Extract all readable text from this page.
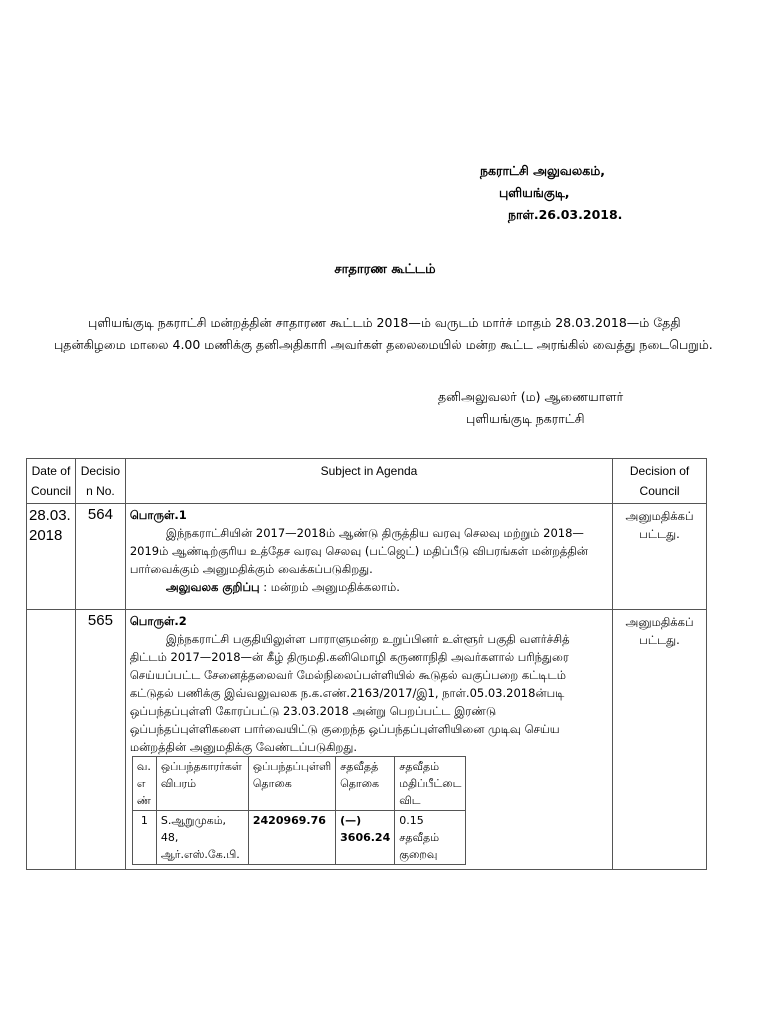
நகராட்சி அலுவலகம்,
புளியங்குடி,
நாள்.26.03.2018.
சாதாரண கூட்டம்
புளியங்குடி நகராட்சி மன்றத்தின் சாதாரண கூட்டம் 2018—ம் வருடம் மார்ச் மாதம் 28.03.2018—ம் தேதி புதன்கிழமை மாலை 4.00 மணிக்கு தனிஅதிகாரி அவர்கள் தலைமையில் மன்ற கூட்ட அரங்கில் வைத்து நடைபெறும்.
தனிஅலுவலர் (ம) ஆணையாளர்
புளியங்குடி நகராட்சி
Date of Council	Decision No.	Subject in Agenda	Decision of Council
28.03.2018	564	பொருள்.1

இந்நகராட்சியின் 2017—2018ம் ஆண்டு திருத்திய வரவு செலவு மற்றும் 2018—2019ம் ஆண்டிற்குரிய உத்தேச வரவு செலவு (பட்ஜெட்) மதிப்பீடு விபரங்கள் மன்றத்தின் பார்வைக்கும் அனுமதிக்கும் வைக்கப்படுகிறது.

அலுவலக குறிப்பு : மன்றம் அனுமதிக்கலாம்.
	அனுமதிக்கப் பட்டது.
	565	பொருள்.2

இந்நகராட்சி பகுதியிலுள்ள பாராளுமன்ற உறுப்பினர் உள்ளூர் பகுதி வளர்ச்சித் திட்டம் 2017—2018—ன் கீழ் திருமதி.கனிமொழி கருணாநிதி அவர்களால் பரிந்துரை செய்யப்பட்ட சேனைத்தலைவர் மேல்நிலைப்பள்ளியில் கூடுதல் வகுப்பறை கட்டிடம் கட்டுதல் பணிக்கு இவ்வலுவலக ந.க.எண்.2163/2017/இ1, நாள்.05.03.2018ன்படி ஒப்பந்தப்புள்ளி கோரப்பட்டு 23.03.2018 அன்று பெறப்பட்ட இரண்டு ஒப்பந்தப்புள்ளிகளை பார்வையிட்டு குறைந்த ஒப்பந்தப்புள்ளியினை முடிவு செய்ய மன்றத்தின் அனுமதிக்கு வேண்டப்படுகிறது.

வ. எ ண்	ஒப்பந்தகாரர்கள் விபரம்	ஒப்பந்தப்புள்ளி தொகை	சதவீதத் தொகை	சதவீதம் மதிப்பீட்டை விட
1	S.ஆறுமுகம், 48, ஆர்.எஸ்.கே.பி.	2420969.76	(—) 3606.24	0.15 சதவீதம் குறைவு
	அனுமதிக்கப் பட்டது.
